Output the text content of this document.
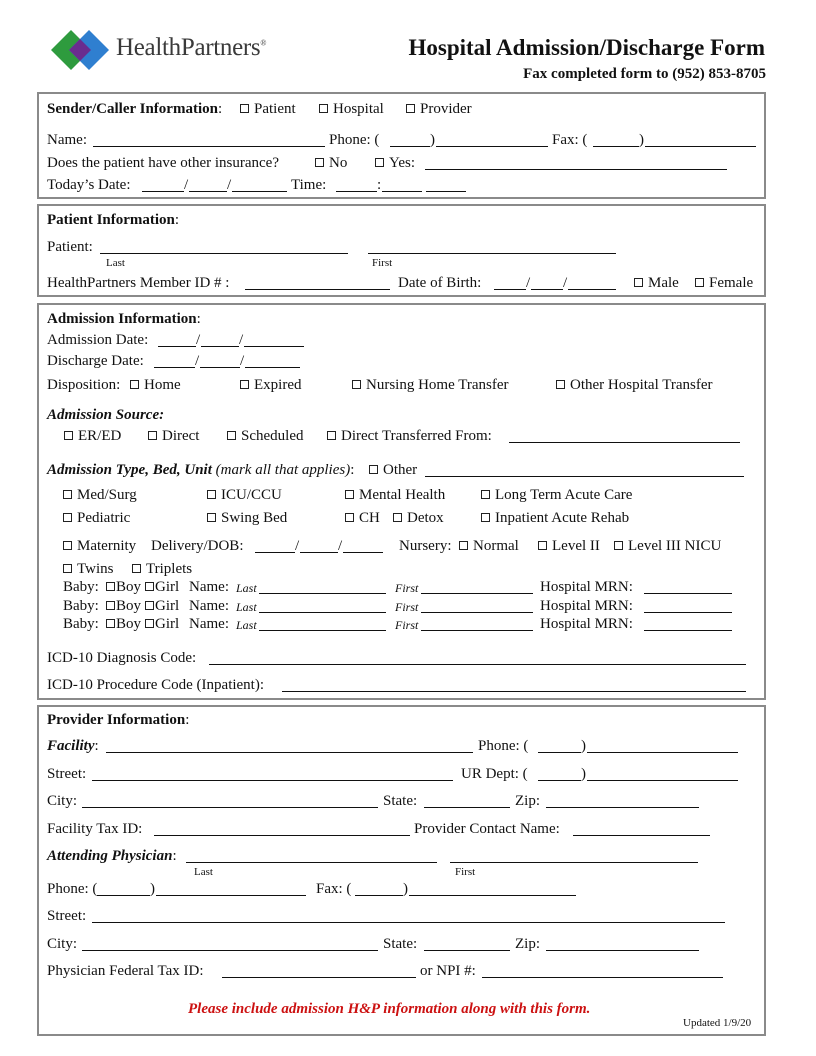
HealthPartners®	Hospital Admission/Discharge Form
Fax completed form to (952) 853-8705
Sender/Caller Information:	Patient	Hospital	Provider
Name:	Phone: (	)	Fax: (	)
Does the patient have other insurance?	No	Yes:
Today’s Date:	/	/	Time:	:
Patient Information:
Patient:
Last	First
HealthPartners Member ID # :	Date of Birth:	/ /	Male	Female
Admission Information:
Admission Date:	/	/
Discharge Date:	/	/
Disposition:	Home	Expired	Nursing Home Transfer	Other Hospital Transfer
Admission Source:
ER/ED	Direct	Scheduled	Direct Transferred From:
Admission Type, Bed, Unit (mark all that applies):	Other
Med/Surg	ICU/CCU	Mental Health	Long Term Acute Care
Pediatric	Swing Bed	CH	Detox	Inpatient Acute Rehab
Maternity Delivery/DOB:	/	/	Nursery:	Normal	Level II	Level III NICU
Twins	Triplets
Baby:	Boy Girl Name: Last	First	Hospital MRN:
Baby:	Boy Girl Name: Last	First	Hospital MRN:
Baby:	Boy Girl Name: Last	First	Hospital MRN:
ICD-10 Diagnosis Code:
ICD-10 Procedure Code (Inpatient):
Provider Information:
Facility:	Phone: (	)
Street:	UR Dept: (	)
City:	State:	Zip:
Facility Tax ID:	Provider Contact Name:
Attending Physician:
Last	First
Phone: (	)	Fax: (	)
Street:
City:	State:	Zip:
Physician Federal Tax ID:	or NPI #:
Please include admission H&P information along with this form.
Updated 1/9/20
